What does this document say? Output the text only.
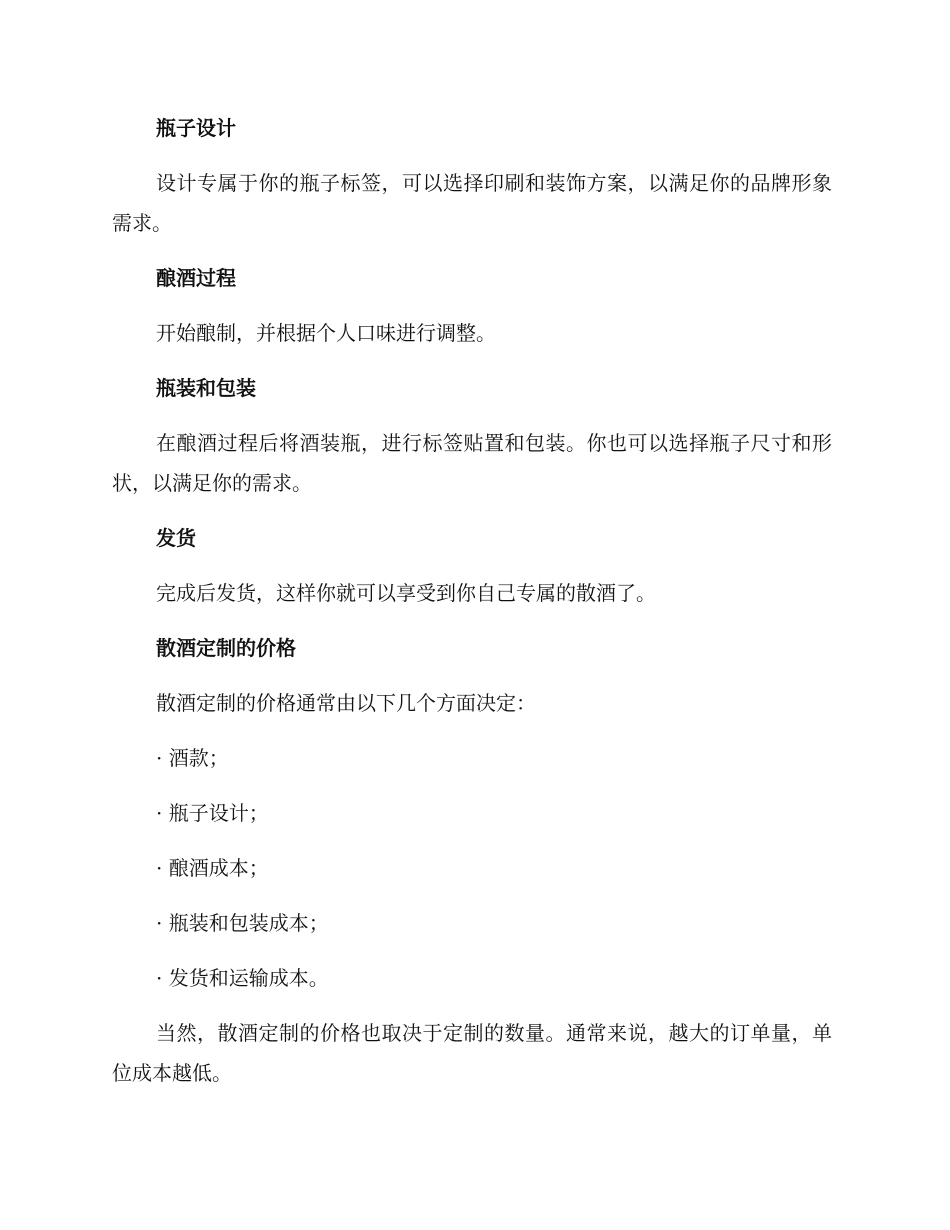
瓶子设计
设计专属于你的瓶子标签，可以选择印刷和装饰方案，以满足你的品牌形象需求。
酿酒过程
开始酿制，并根据个人口味进行调整。
瓶装和包装
在酿酒过程后将酒装瓶，进行标签贴置和包装。你也可以选择瓶子尺寸和形状，以满足你的需求。
发货
完成后发货，这样你就可以享受到你自己专属的散酒了。
散酒定制的价格
散酒定制的价格通常由以下几个方面决定：
· 酒款；
· 瓶子设计；
· 酿酒成本；
· 瓶装和包装成本；
· 发货和运输成本。
当然，散酒定制的价格也取决于定制的数量。通常来说，越大的订单量，单位成本越低。
